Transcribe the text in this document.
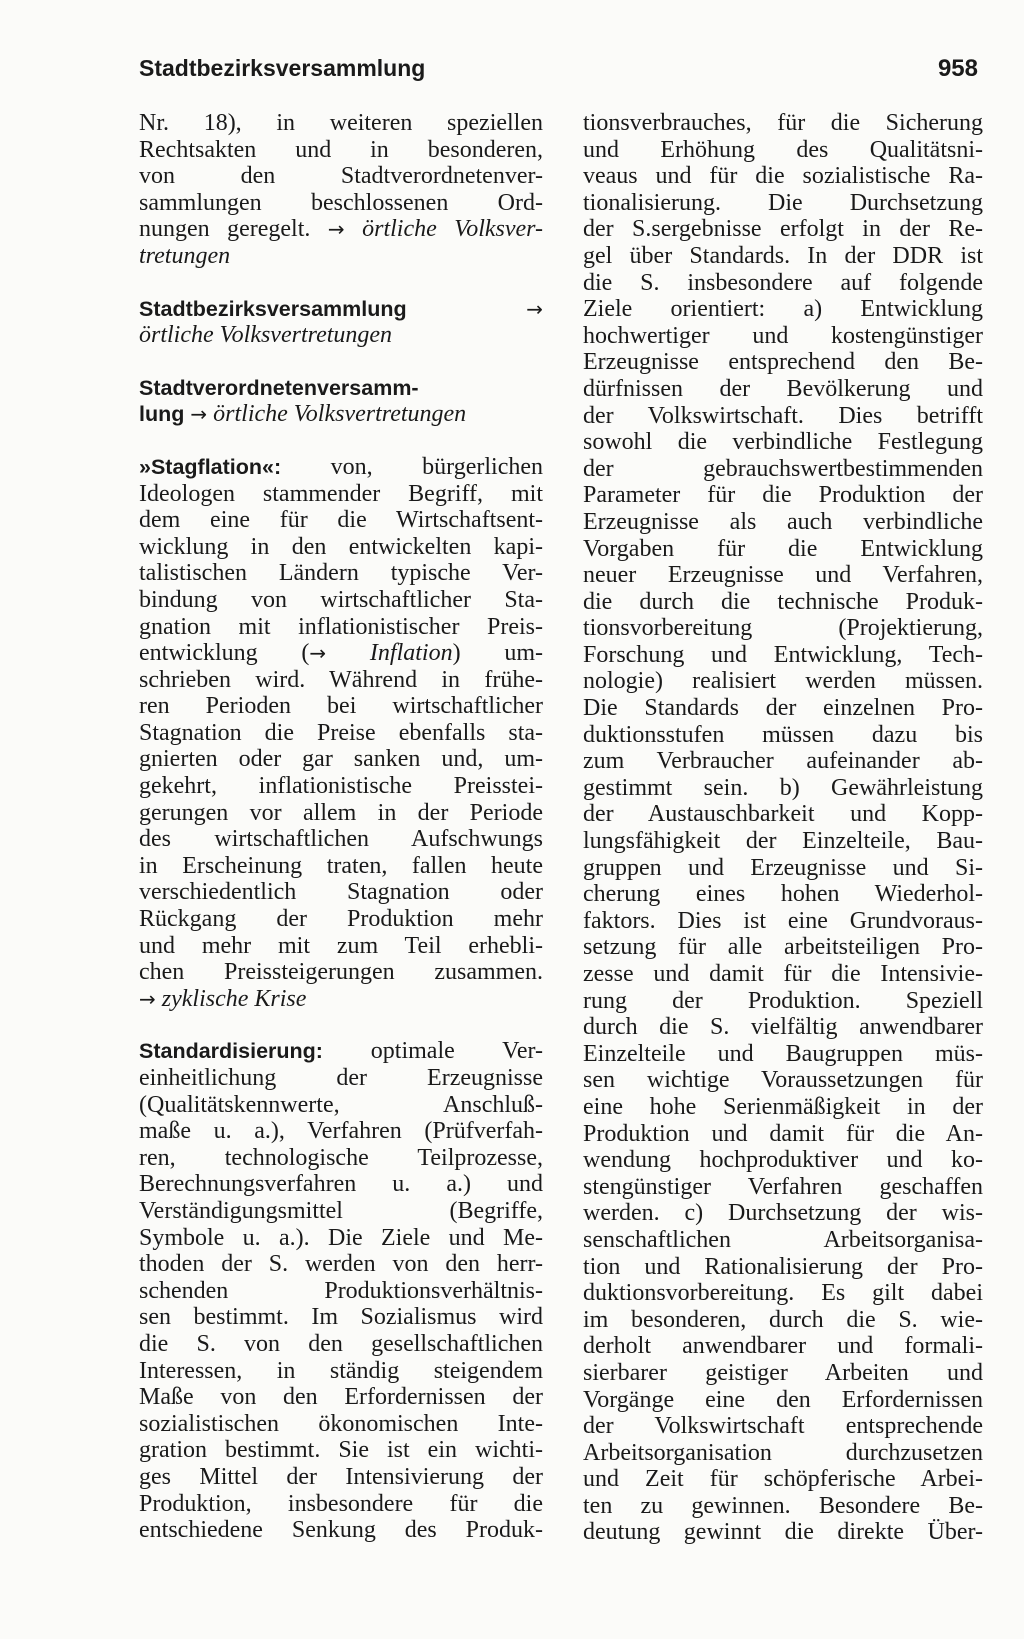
Stadtbezirksversammlung	958
Nr. 18), in weiteren speziellen
Rechtsakten und in besonderen,
von den Stadtverordnetenver-
sammlungen beschlossenen Ord-
nungen geregelt. → örtliche Volksver-
tretungen
Stadtbezirksversammlung	→
örtliche Volksvertretungen
Stadtverordnetenversamm-
lung → örtliche Volksvertretungen
»Stagflation«: von, bürgerlichen
Ideologen stammender Begriff, mit
dem eine für die Wirtschaftsent-
wicklung in den entwickelten kapi-
talistischen Ländern typische Ver-
bindung von wirtschaftlicher Sta-
gnation mit inflationistischer Preis-
entwicklung (→ Inflation) um-
schrieben wird. Während in frühe-
ren Perioden bei wirtschaftlicher
Stagnation die Preise ebenfalls sta-
gnierten oder gar sanken und, um-
gekehrt, inflationistische Preisstei-
gerungen vor allem in der Periode
des wirtschaftlichen Aufschwungs
in Erscheinung traten, fallen heute
verschiedentlich Stagnation oder
Rückgang der Produktion mehr
und mehr mit zum Teil erhebli-
chen Preissteigerungen zusammen.
→ zyklische Krise
Standardisierung: optimale Ver-
einheitlichung der Erzeugnisse
(Qualitätskennwerte, Anschluß-
maße u. a.), Verfahren (Prüfverfah-
ren, technologische Teilprozesse,
Berechnungsverfahren u. a.) und
Verständigungsmittel (Begriffe,
Symbole u. a.). Die Ziele und Me-
thoden der S. werden von den herr-
schenden Produktionsverhältnis-
sen bestimmt. Im Sozialismus wird
die S. von den gesellschaftlichen
Interessen, in ständig steigendem
Maße von den Erfordernissen der
sozialistischen ökonomischen Inte-
gration bestimmt. Sie ist ein wichti-
ges Mittel der Intensivierung der
Produktion, insbesondere für die
entschiedene Senkung des Produk-
tionsverbrauches, für die Sicherung
und Erhöhung des Qualitätsni-
veaus und für die sozialistische Ra-
tionalisierung. Die Durchsetzung
der S.sergebnisse erfolgt in der Re-
gel über Standards. In der DDR ist
die S. insbesondere auf folgende
Ziele orientiert: a) Entwicklung
hochwertiger und kostengünstiger
Erzeugnisse entsprechend den Be-
dürfnissen der Bevölkerung und
der Volkswirtschaft. Dies betrifft
sowohl die verbindliche Festlegung
der gebrauchswertbestimmenden
Parameter für die Produktion der
Erzeugnisse als auch verbindliche
Vorgaben für die Entwicklung
neuer Erzeugnisse und Verfahren,
die durch die technische Produk-
tionsvorbereitung (Projektierung,
Forschung und Entwicklung, Tech-
nologie) realisiert werden müssen.
Die Standards der einzelnen Pro-
duktionsstufen müssen dazu bis
zum Verbraucher aufeinander ab-
gestimmt sein. b) Gewährleistung
der Austauschbarkeit und Kopp-
lungsfähigkeit der Einzelteile, Bau-
gruppen und Erzeugnisse und Si-
cherung eines hohen Wiederhol-
faktors. Dies ist eine Grundvoraus-
setzung für alle arbeitsteiligen Pro-
zesse und damit für die Intensivie-
rung der Produktion. Speziell
durch die S. vielfältig anwendbarer
Einzelteile und Baugruppen müs-
sen wichtige Voraussetzungen für
eine hohe Serienmäßigkeit in der
Produktion und damit für die An-
wendung hochproduktiver und ko-
stengünstiger Verfahren geschaffen
werden. c) Durchsetzung der wis-
senschaftlichen Arbeitsorganisa-
tion und Rationalisierung der Pro-
duktionsvorbereitung. Es gilt dabei
im besonderen, durch die S. wie-
derholt anwendbarer und formali-
sierbarer geistiger Arbeiten und
Vorgänge eine den Erfordernissen
der Volkswirtschaft entsprechende
Arbeitsorganisation durchzusetzen
und Zeit für schöpferische Arbei-
ten zu gewinnen. Besondere Be-
deutung gewinnt die direkte Über-
